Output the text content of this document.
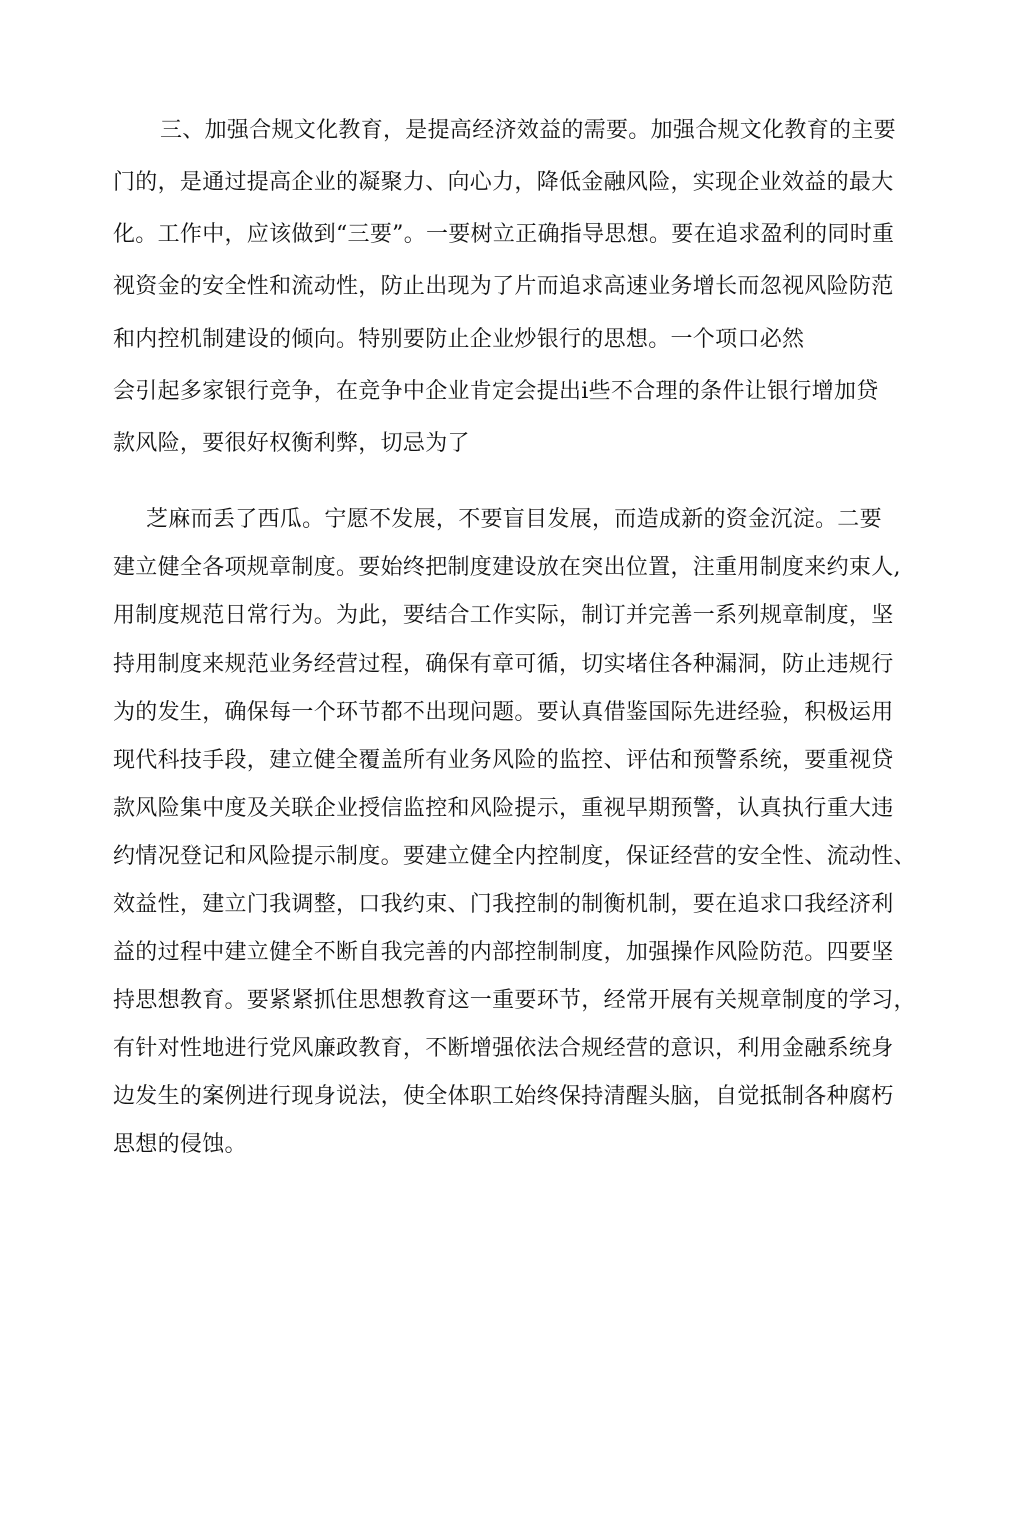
三、加强合规文化教育，是提高经济效益的需要。加强合规文化教育的主要
门的，是通过提高企业的凝聚力、向心力，降低金融风险，实现企业效益的最大
化。工作中，应该做到“三要”。一要树立正确指导思想。要在追求盈利的同时重
视资金的安全性和流动性，防止出现为了片而追求高速业务增长而忽视风险防范
和内控机制建设的倾向。特别要防止企业炒银行的思想。一个项口必然
会引起多家银行竞争，在竞争中企业肯定会提出i些不合理的条件让银行增加贷
款风险，要很好权衡利弊，切忌为了
芝麻而丢了西瓜。宁愿不发展，不要盲目发展，而造成新的资金沉淀。二要
建立健全各项规章制度。要始终把制度建设放在突出位置，注重用制度来约束人,
用制度规范日常行为。为此，要结合工作实际，制订并完善一系列规章制度，坚
持用制度来规范业务经营过程，确保有章可循，切实堵住各种漏洞，防止违规行
为的发生，确保每一个环节都不出现问题。要认真借鉴国际先进经验，积极运用
现代科技手段，建立健全覆盖所有业务风险的监控、评估和预警系统，要重视贷
款风险集中度及关联企业授信监控和风险提示，重视早期预警，认真执行重大违
约情况登记和风险提示制度。要建立健全内控制度，保证经营的安全性、流动性、
效益性，建立门我调整，口我约束、门我控制的制衡机制，要在追求口我经济利
益的过程中建立健全不断自我完善的内部控制制度，加强操作风险防范。四要坚
持思想教育。要紧紧抓住思想教育这一重要环节，经常开展有关规章制度的学习，
有针对性地进行党风廉政教育，不断增强依法合规经营的意识，利用金融系统身
边发生的案例进行现身说法，使全体职工始终保持清醒头脑，自觉抵制各种腐朽
思想的侵蚀。
